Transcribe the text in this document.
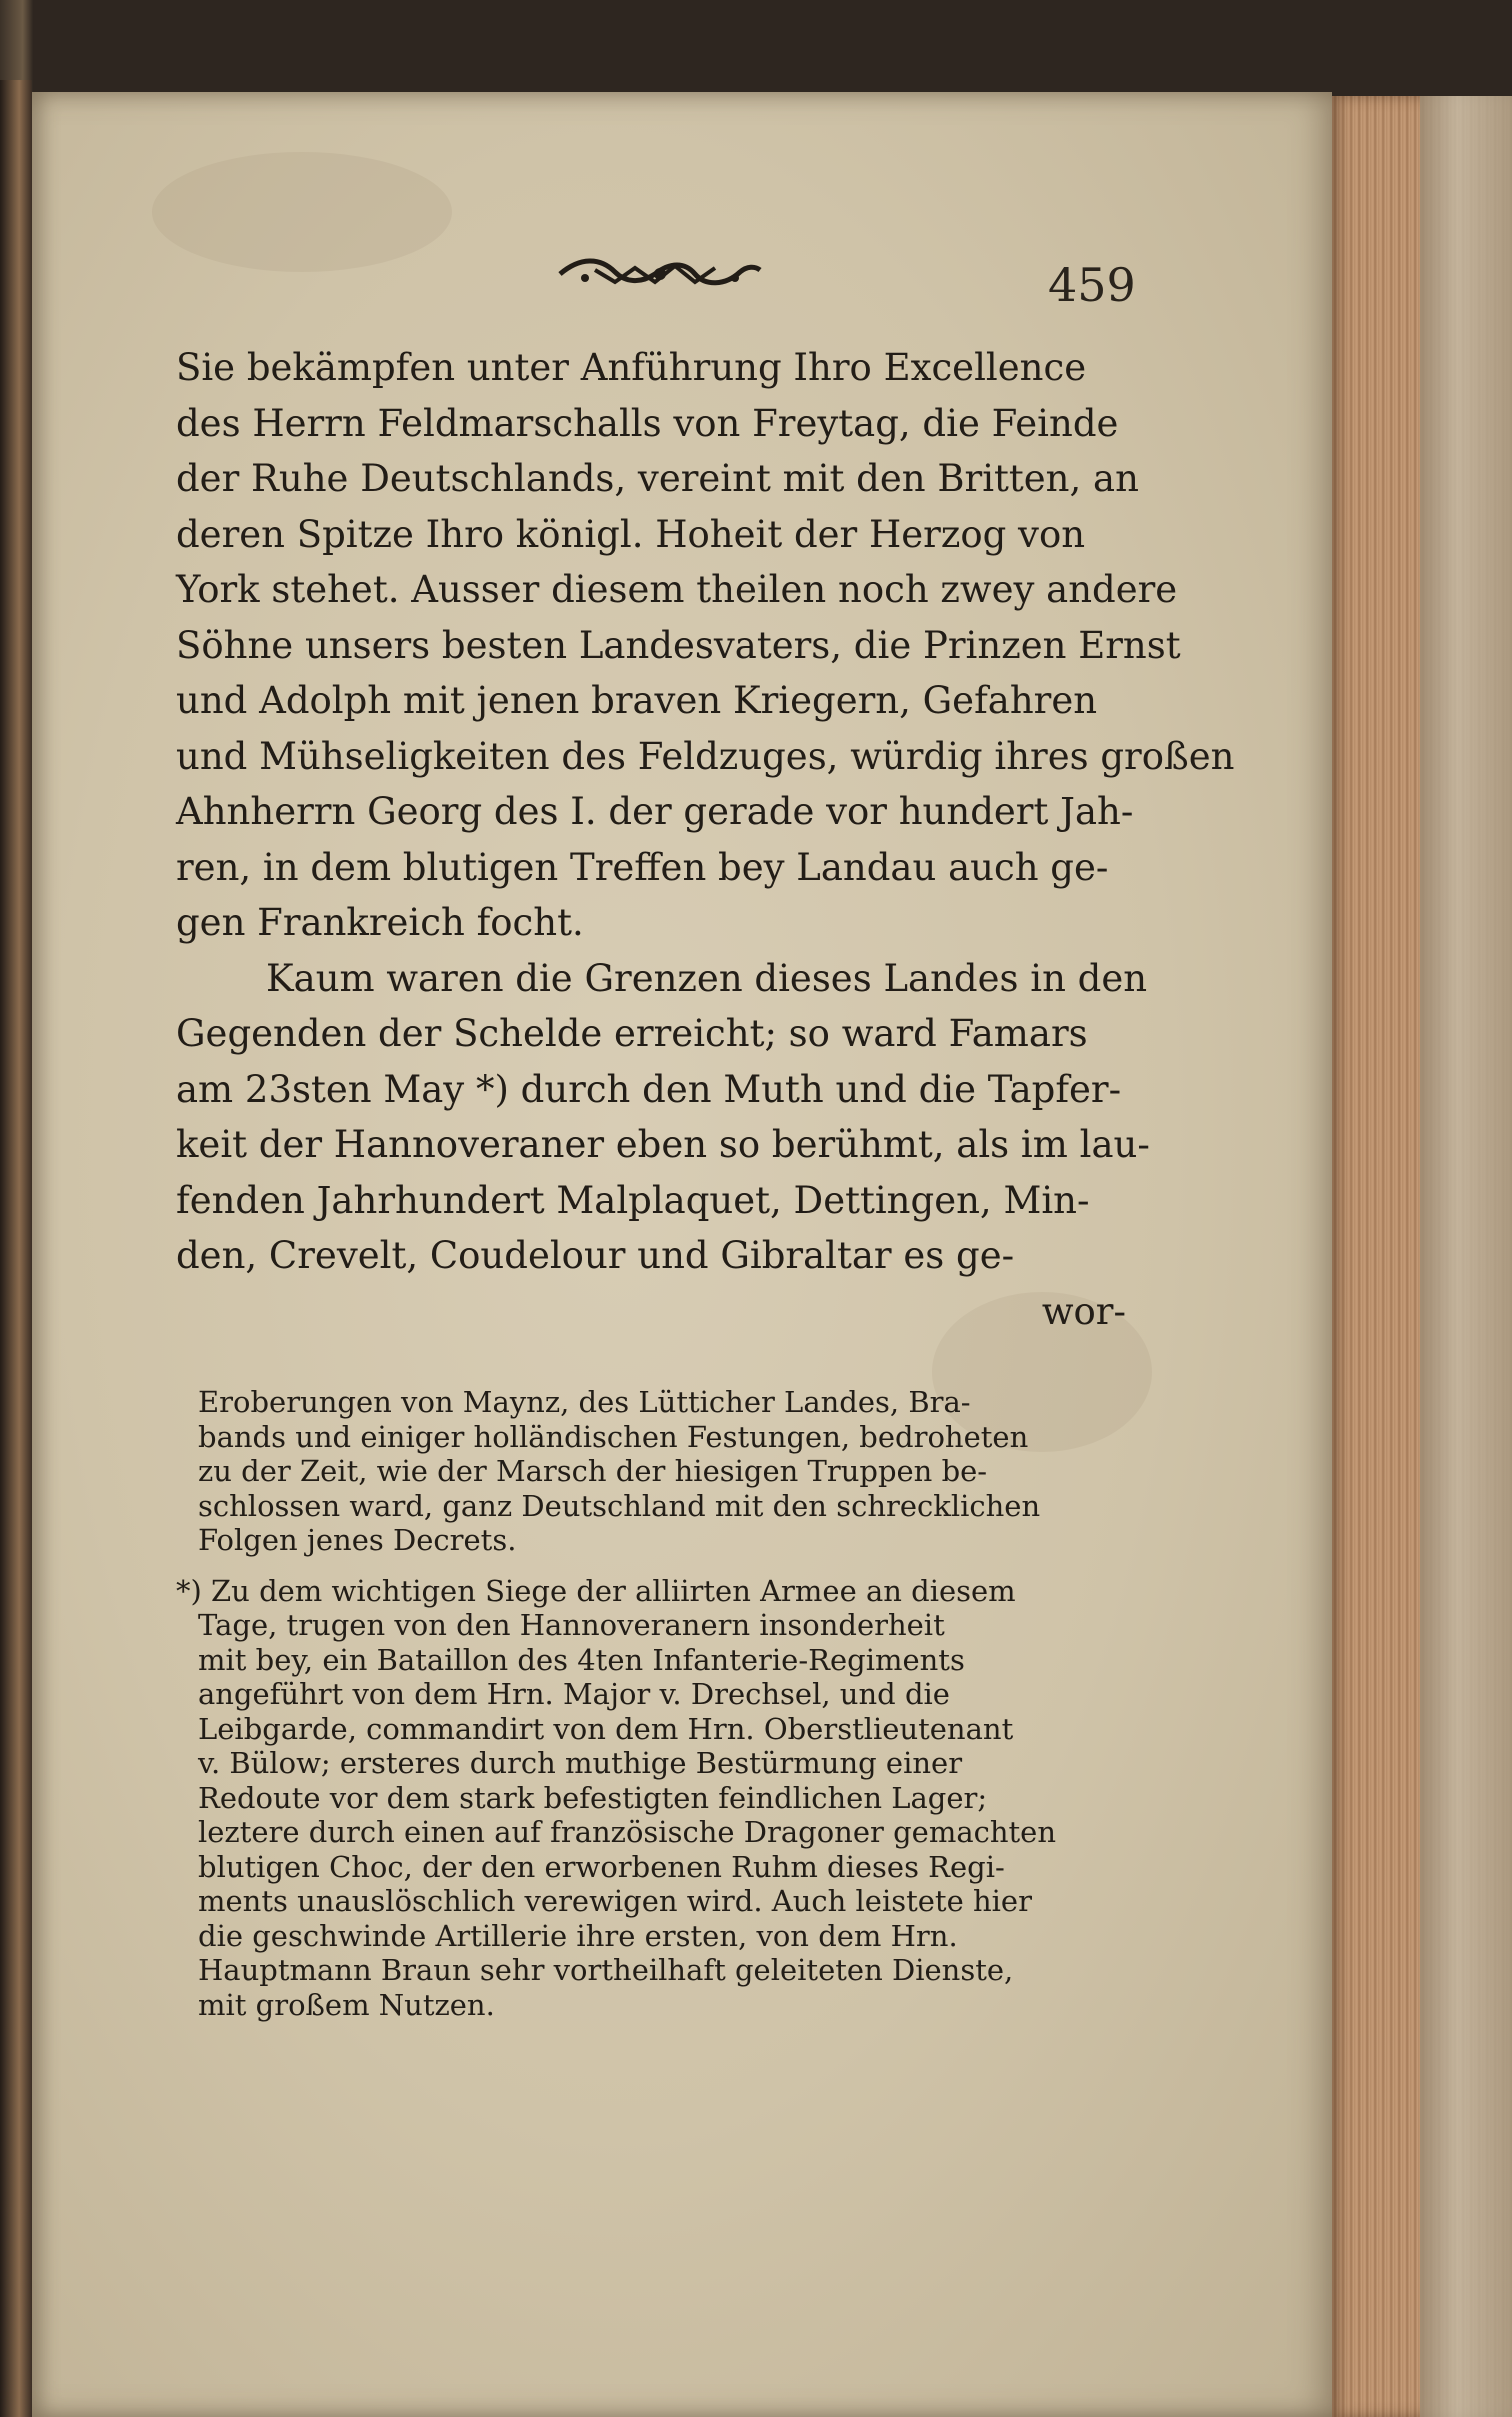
459
Sie bekämpfen unter Anführung Ihro Excellence
des Herrn Feldmarschalls von Freytag, die Feinde
der Ruhe Deutschlands, vereint mit den Britten, an
deren Spitze Ihro königl. Hoheit der Herzog von
York stehet. Ausser diesem theilen noch zwey andere
Söhne unsers besten Landesvaters, die Prinzen Ernst
und Adolph mit jenen braven Kriegern, Gefahren
und Mühseligkeiten des Feldzuges, würdig ihres großen
Ahnherrn Georg des I. der gerade vor hundert Jah-
ren, in dem blutigen Treffen bey Landau auch ge-
gen Frankreich focht.
Kaum waren die Grenzen dieses Landes in den
Gegenden der Schelde erreicht; so ward Famars
am 23sten May *) durch den Muth und die Tapfer-
keit der Hannoveraner eben so berühmt, als im lau-
fenden Jahrhundert Malplaquet, Dettingen, Min-
den, Crevelt, Coudelour und Gibraltar es ge-
wor-
Eroberungen von Maynz, des Lütticher Landes, Bra-
bands und einiger holländischen Festungen, bedroheten
zu der Zeit, wie der Marsch der hiesigen Truppen be-
schlossen ward, ganz Deutschland mit den schrecklichen
Folgen jenes Decrets.
*) Zu dem wichtigen Siege der alliirten Armee an diesem
Tage, trugen von den Hannoveranern insonderheit
mit bey, ein Bataillon des 4ten Infanterie-Regiments
angeführt von dem Hrn. Major v. Drechsel, und die
Leibgarde, commandirt von dem Hrn. Oberstlieutenant
v. Bülow; ersteres durch muthige Bestürmung einer
Redoute vor dem stark befestigten feindlichen Lager;
leztere durch einen auf französische Dragoner gemachten
blutigen Choc, der den erworbenen Ruhm dieses Regi-
ments unauslöschlich verewigen wird. Auch leistete hier
die geschwinde Artillerie ihre ersten, von dem Hrn.
Hauptmann Braun sehr vortheilhaft geleiteten Dienste,
mit großem Nutzen.
